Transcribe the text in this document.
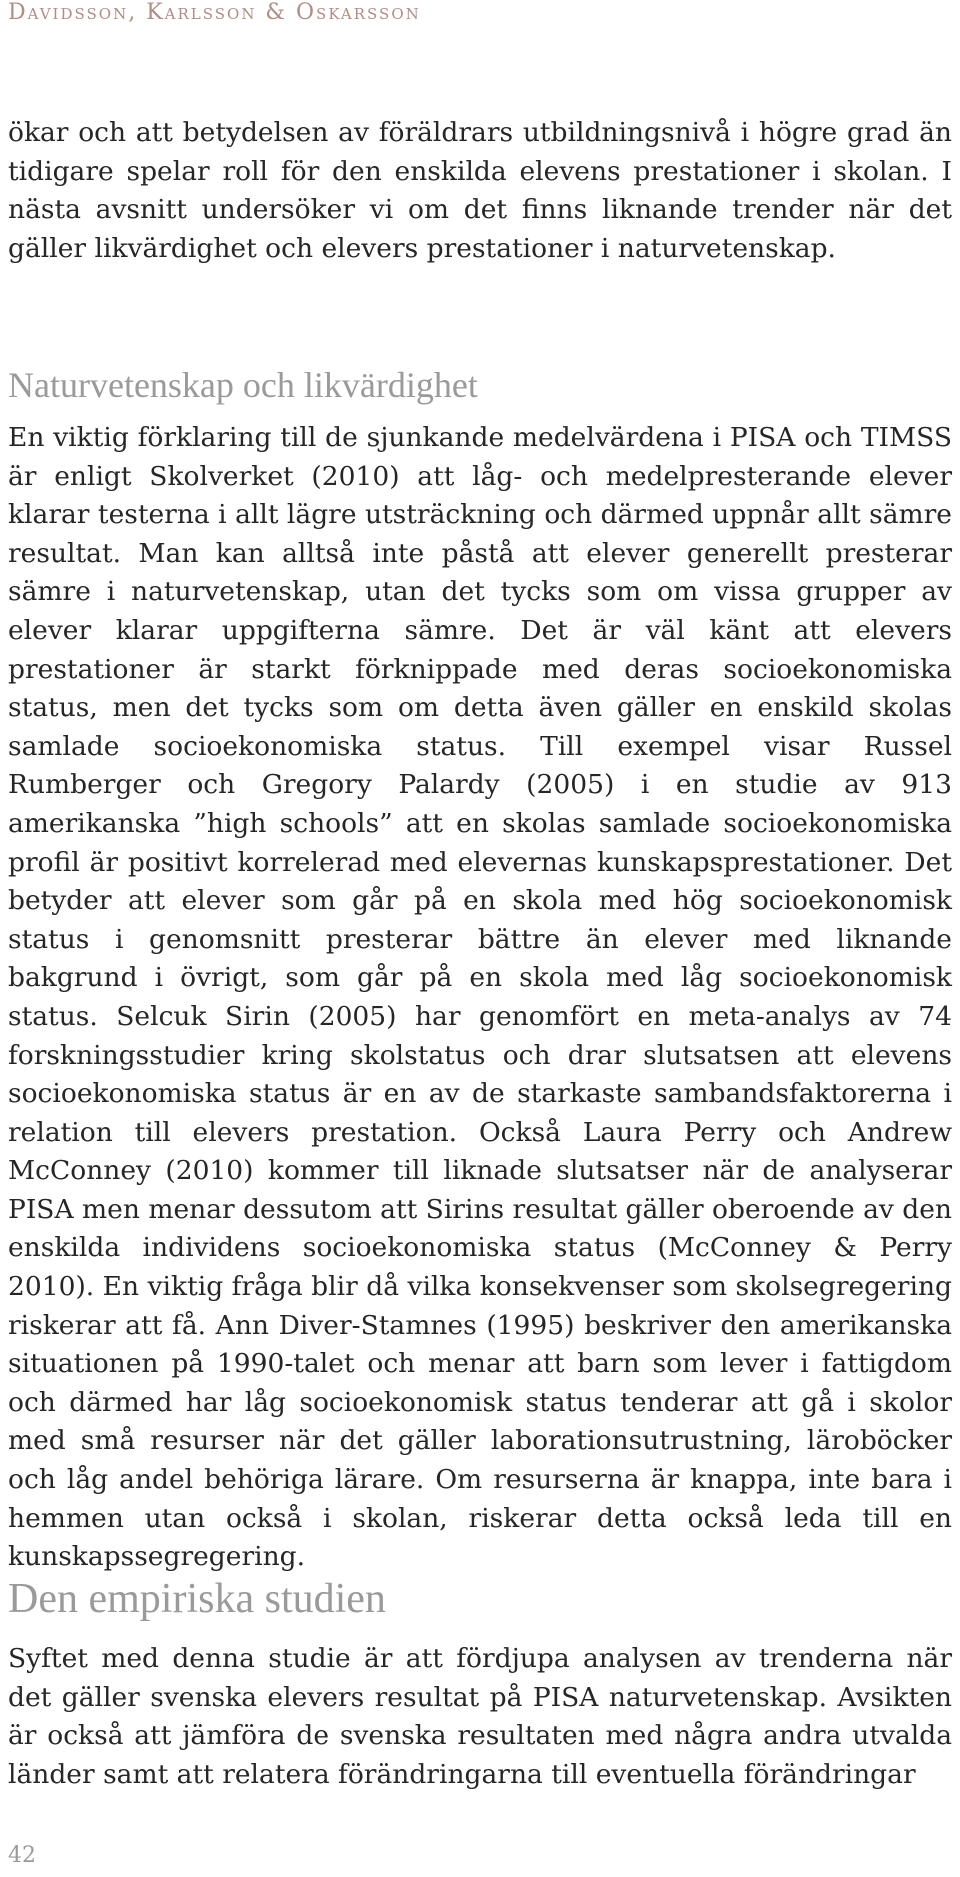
Davidsson, Karlsson & Oskarsson

ökar och att betydelsen av föräldrars utbildningsnivå i högre grad än tidigare spelar roll för den enskilda elevens prestationer i skolan. I nästa avsnitt undersöker vi om det finns liknande trender när det gäller likvärdighet och elevers prestationer i naturvetenskap.

Naturvetenskap och likvärdighet

En viktig förklaring till de sjunkande medelvärdena i PISA och TIMSS är enligt Skolverket (2010) att låg- och medelpresterande elever klarar testerna i allt lägre utsträckning och därmed uppnår allt sämre resultat. Man kan alltså inte påstå att elever generellt presterar sämre i naturvetenskap, utan det tycks som om vissa grupper av elever klarar uppgifterna sämre. Det är väl känt att elevers prestationer är starkt förknippade med deras socioekonomiska status, men det tycks som om detta även gäller en enskild skolas samlade socioekonomiska status. Till exempel visar Russel Rumberger och Gregory Palardy (2005) i en studie av 913 amerikanska ”high schools” att en skolas samlade socioekonomiska profil är positivt korrelerad med elevernas kunskapsprestationer. Det betyder att elever som går på en skola med hög socioekonomisk status i genomsnitt presterar bättre än elever med liknande bakgrund i övrigt, som går på en skola med låg socioekonomisk status. Selcuk Sirin (2005) har genomfört en meta-analys av 74 forskningsstudier kring skolstatus och drar slutsatsen att elevens socioekonomiska status är en av de starkaste sambandsfaktorerna i relation till elevers prestation. Också Laura Perry och Andrew McConney (2010) kommer till liknade slutsatser när de analyserar PISA men menar dessutom att Sirins resultat gäller oberoende av den enskilda individens socioekonomiska status (McConney & Perry 2010). En viktig fråga blir då vilka konsekvenser som skolsegregering riskerar att få. Ann Diver-Stamnes (1995) beskriver den amerikanska situationen på 1990-talet och menar att barn som lever i fattigdom och därmed har låg socioekonomisk status tenderar att gå i skolor med små resurser när det gäller laborationsutrustning, läroböcker och låg andel behöriga lärare. Om resurserna är knappa, inte bara i hemmen utan också i skolan, riskerar detta också leda till en kunskapssegregering.

Den empiriska studien

Syftet med denna studie är att fördjupa analysen av trenderna när det gäller svenska elevers resultat på PISA naturvetenskap. Avsikten är också att jämföra de svenska resultaten med några andra utvalda länder samt att relatera förändringarna till eventuella förändringar

42
